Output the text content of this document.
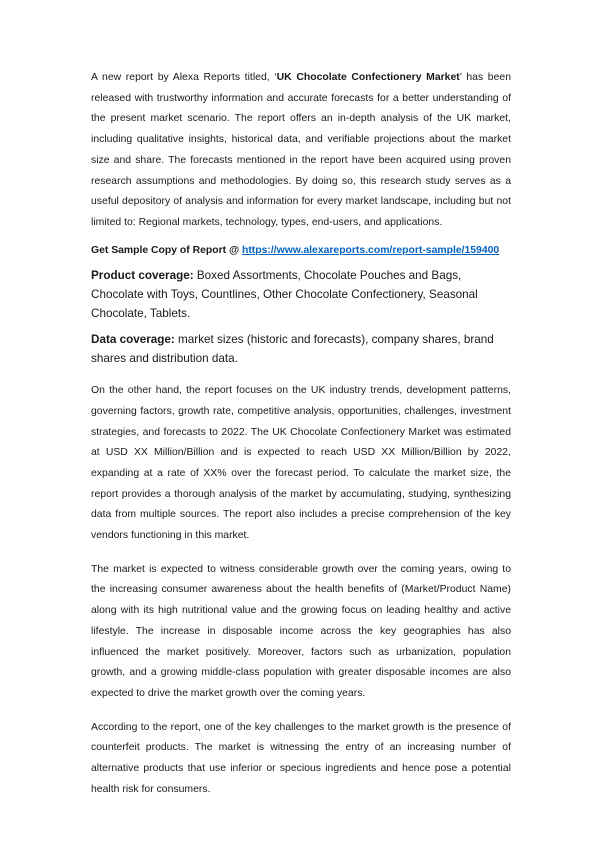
A new report by Alexa Reports titled, ‘UK Chocolate Confectionery Market’ has been released with trustworthy information and accurate forecasts for a better understanding of the present market scenario. The report offers an in-depth analysis of the UK market, including qualitative insights, historical data, and verifiable projections about the market size and share. The forecasts mentioned in the report have been acquired using proven research assumptions and methodologies. By doing so, this research study serves as a useful depository of analysis and information for every market landscape, including but not limited to: Regional markets, technology, types, end-users, and applications.

Get Sample Copy of Report @ https://www.alexareports.com/report-sample/159400

Product coverage: Boxed Assortments, Chocolate Pouches and Bags, Chocolate with Toys, Countlines, Other Chocolate Confectionery, Seasonal Chocolate, Tablets.

Data coverage: market sizes (historic and forecasts), company shares, brand shares and distribution data.

On the other hand, the report focuses on the UK industry trends, development patterns, governing factors, growth rate, competitive analysis, opportunities, challenges, investment strategies, and forecasts to 2022. The UK Chocolate Confectionery Market was estimated at USD XX Million/Billion and is expected to reach USD XX Million/Billion by 2022, expanding at a rate of XX% over the forecast period. To calculate the market size, the report provides a thorough analysis of the market by accumulating, studying, synthesizing data from multiple sources. The report also includes a precise comprehension of the key vendors functioning in this market.

The market is expected to witness considerable growth over the coming years, owing to the increasing consumer awareness about the health benefits of (Market/Product Name) along with its high nutritional value and the growing focus on leading healthy and active lifestyle. The increase in disposable income across the key geographies has also influenced the market positively. Moreover, factors such as urbanization, population growth, and a growing middle-class population with greater disposable incomes are also expected to drive the market growth over the coming years.

According to the report, one of the key challenges to the market growth is the presence of counterfeit products. The market is witnessing the entry of an increasing number of alternative products that use inferior or specious ingredients and hence pose a potential health risk for consumers.
